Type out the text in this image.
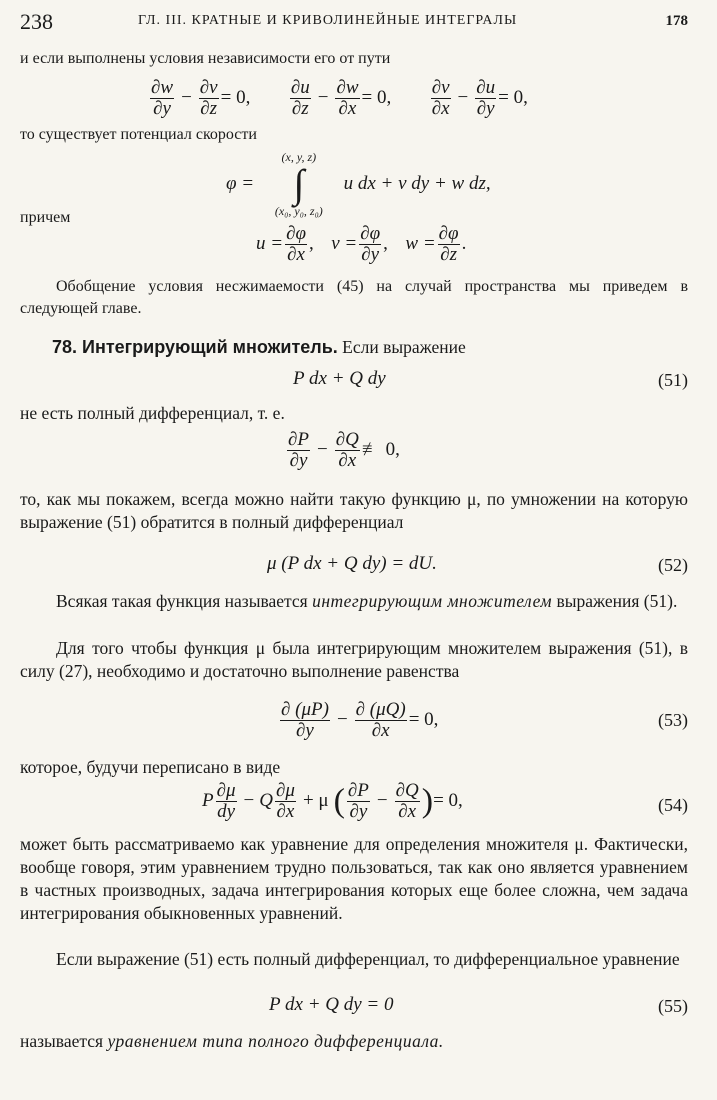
238	ГЛ. III. КРАТНЫЕ И КРИВОЛИНЕЙНЫЕ ИНТЕГРАЛЫ	178
и если выполнены условия независимости его от пути
$\frac{\partial w}{\partial y} - \frac{\partial v}{\partial z} = 0$, $\frac{\partial u}{\partial z} - \frac{\partial w}{\partial x} = 0$, $\frac{\partial v}{\partial x} - \frac{\partial u}{\partial y} = 0$,
то существует потенциал скорости
φ =
(x, y, z)
∫
(x₀, y₀, z₀)
u dx + v dy + w dz,
причем
$u = \frac{\partial\varphi}{\partial x}$ , $v = \frac{\partial\varphi}{\partial y}$ , $w = \frac{\partial\varphi}{\partial z}$ .
Обобщение условия несжимаемости (45) на случай пространства мы приведем в следующей главе.
78. Интегрирующий множитель. Если выражение
P dx + Q dy	(51)
не есть полный дифференциал, т. е.
$\frac{\partial P}{\partial y} - \frac{\partial Q}{\partial x}$ ≢ 0,
то, как мы покажем, всегда можно найти такую функцию μ, по умножении на которую выражение (51) обратится в полный дифференциал
μ (P dx + Q dy) = dU.	(52)
Всякая такая функция называется интегрирующим множителем выражения (51).
Для того чтобы функция μ была интегрирующим множителем выражения (51), в силу (27), необходимо и достаточно выполнение равенства
$\frac{\partial (\mu P)}{\partial y} - \frac{\partial (\mu Q)}{\partial x} = 0$,	(53)
которое, будучи переписано в виде
P $\frac{\partial\mu}{dy} - Q \frac{\partial\mu}{\partial x} + \mu$ ( $\frac{\partial P}{\partial y} - \frac{\partial Q}{\partial x}$ )= 0,	(54)
может быть рассматриваемо как уравнение для определения множителя μ. Фактически, вообще говоря, этим уравнением трудно пользоваться, так как оно является уравнением в частных производных, задача интегрирования которых еще более сложна, чем задача интегрирования обыкновенных уравнений.
Если выражение (51) есть полный дифференциал, то дифференциальное уравнение
P dx + Q dy = 0	(55)
называется уравнением типа полного дифференциала.
